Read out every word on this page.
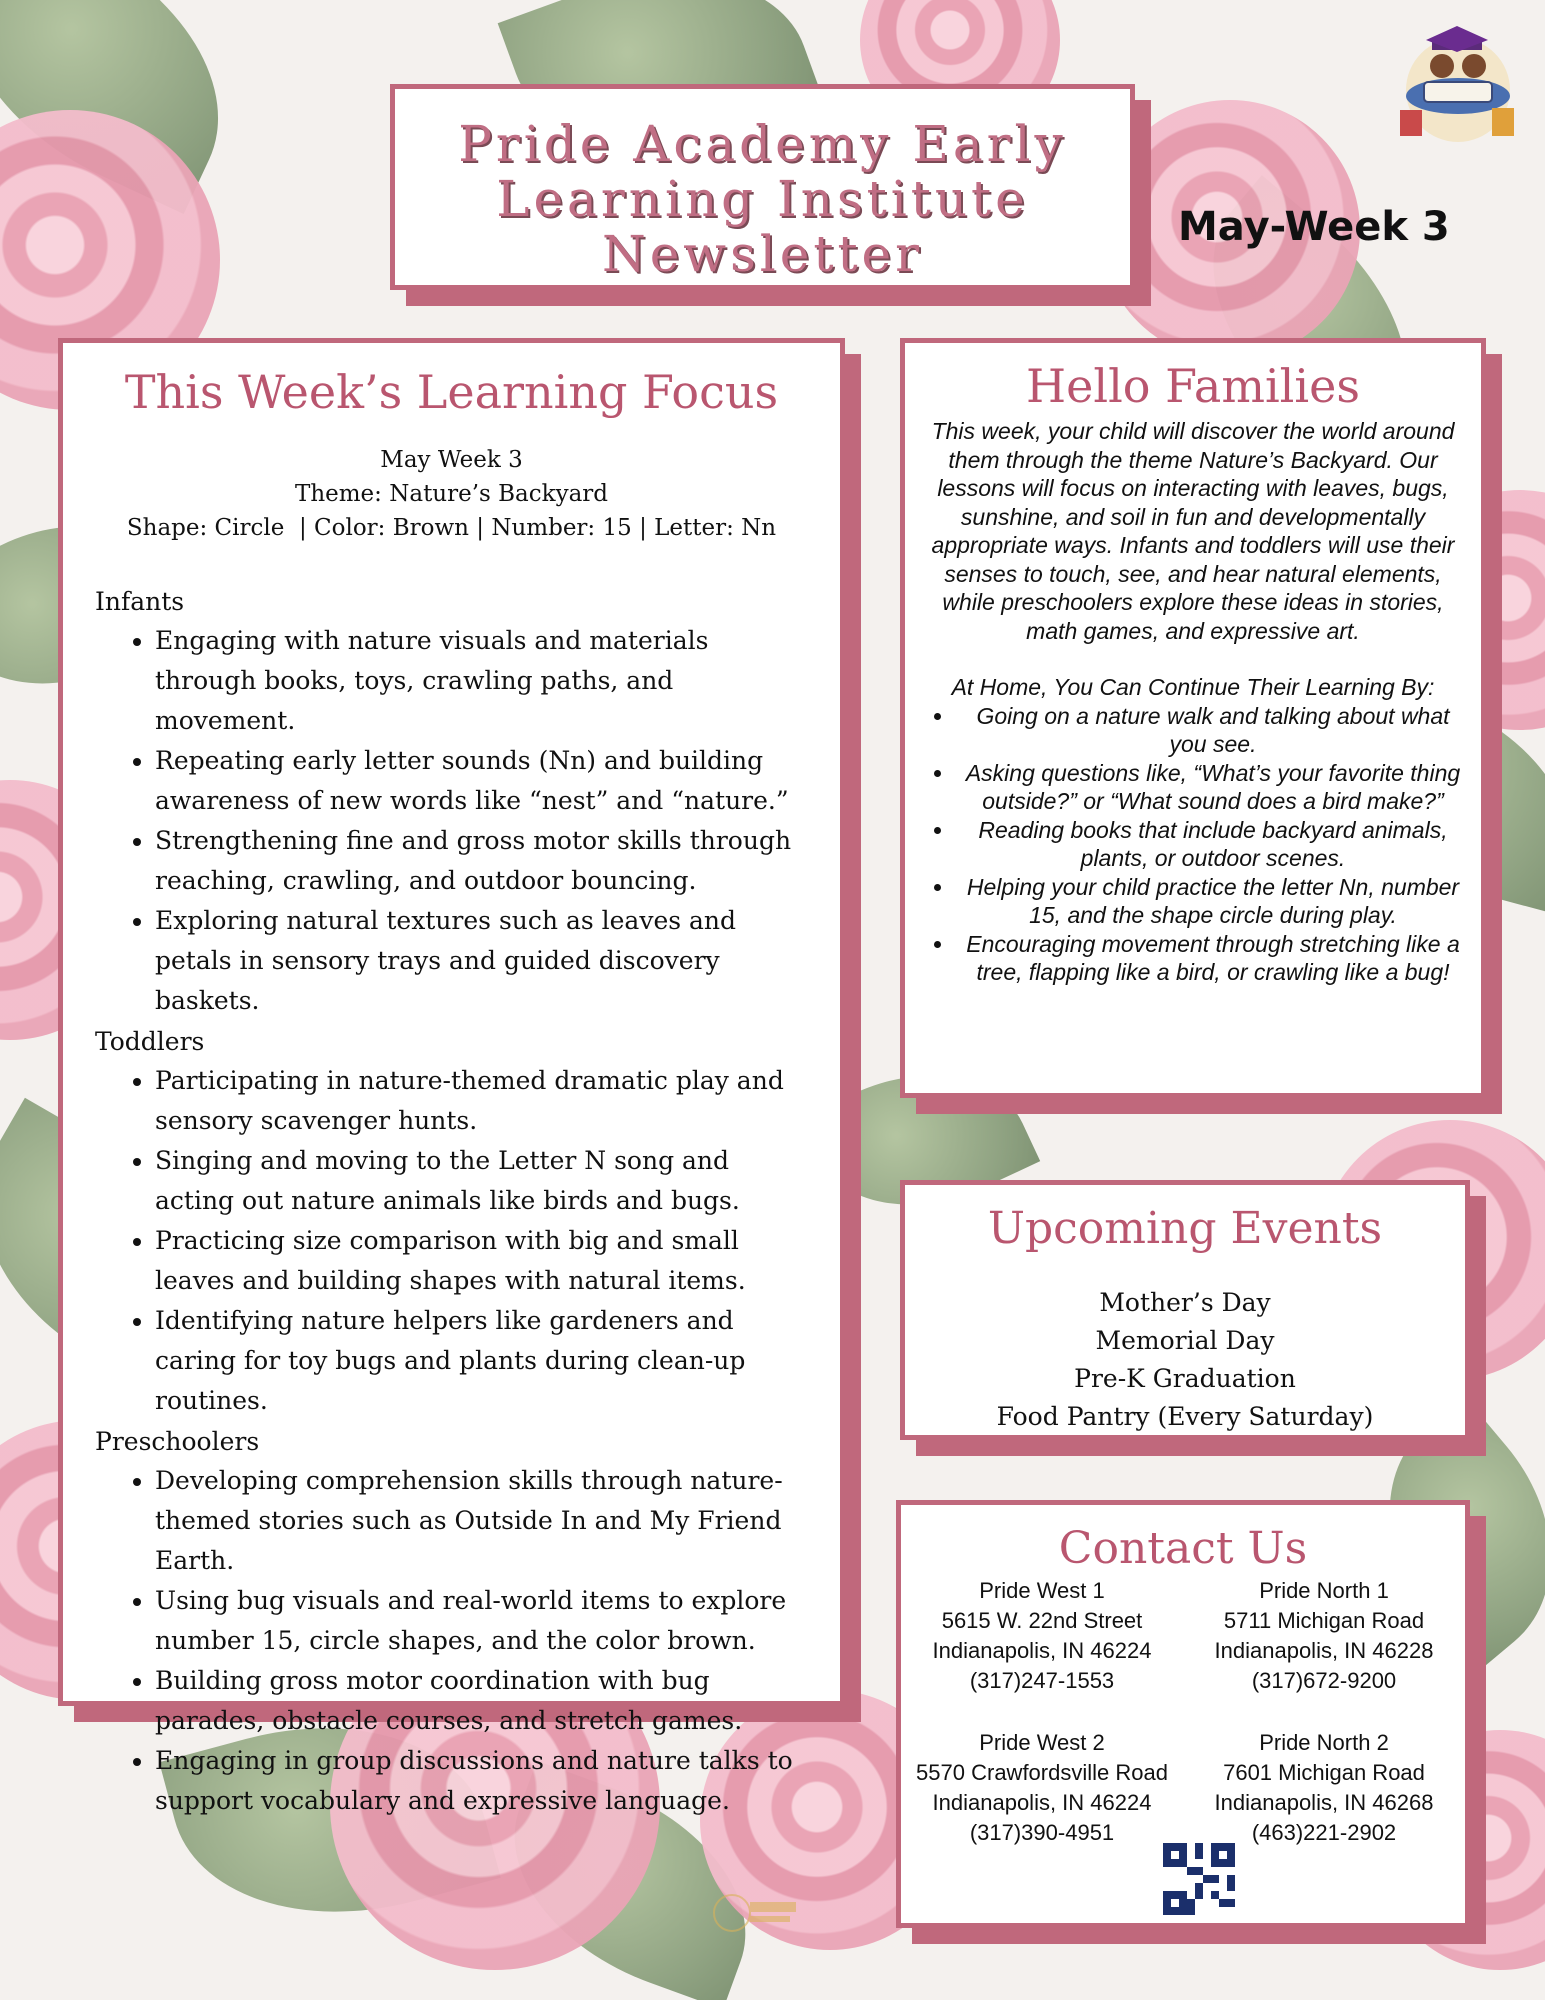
Pride Academy Early
Learning Institute
Newsletter	May-Week 3
This Week’s Learning Focus
May Week 3
Theme: Nature’s Backyard
Shape: Circle  | Color: Brown | Number: 15 | Letter: Nn

Infants

• Engaging with nature visuals and materials through books, toys, crawling paths, and movement.
• Repeating early letter sounds (Nn) and building awareness of new words like “nest” and “nature.”
• Strengthening fine and gross motor skills through reaching, crawling, and outdoor bouncing.
• Exploring natural textures such as leaves and petals in sensory trays and guided discovery baskets.

Toddlers

• Participating in nature-themed dramatic play and sensory scavenger hunts.
• Singing and moving to the Letter N song and acting out nature animals like birds and bugs.
• Practicing size comparison with big and small leaves and building shapes with natural items.
• Identifying nature helpers like gardeners and caring for toy bugs and plants during clean-up routines.

Preschoolers

• Developing comprehension skills through nature-themed stories such as Outside In and My Friend Earth.
• Using bug visuals and real-world items to explore number 15, circle shapes, and the color brown.
• Building gross motor coordination with bug parades, obstacle courses, and stretch games.
• Engaging in group discussions and nature talks to support vocabulary and expressive language.
Hello Families

This week, your child will discover the world around them through the theme Nature’s Backyard. Our lessons will focus on interacting with leaves, bugs, sunshine, and soil in fun and developmentally appropriate ways. Infants and toddlers will use their senses to touch, see, and hear natural elements, while preschoolers explore these ideas in stories, math games, and expressive art.

At Home, You Can Continue Their Learning By:

• Going on a nature walk and talking about what you see.
• Asking questions like, “What’s your favorite thing outside?” or “What sound does a bird make?”
• Reading books that include backyard animals, plants, or outdoor scenes.
• Helping your child practice the letter Nn, number 15, and the shape circle during play.
• Encouraging movement through stretching like a tree, flapping like a bird, or crawling like a bug!
Upcoming Events
Mother’s Day
Memorial Day
Pre-K Graduation
Food Pantry (Every Saturday)
Contact Us
Pride West 1
5615 W. 22nd Street
Indianapolis, IN 46224
(317)247-1553
Pride North 1
5711 Michigan Road
Indianapolis, IN 46228
(317)672-9200
Pride West 2
5570 Crawfordsville Road
Indianapolis, IN 46224
(317)390-4951
Pride North 2
7601 Michigan Road
Indianapolis, IN 46268
(463)221-2902
